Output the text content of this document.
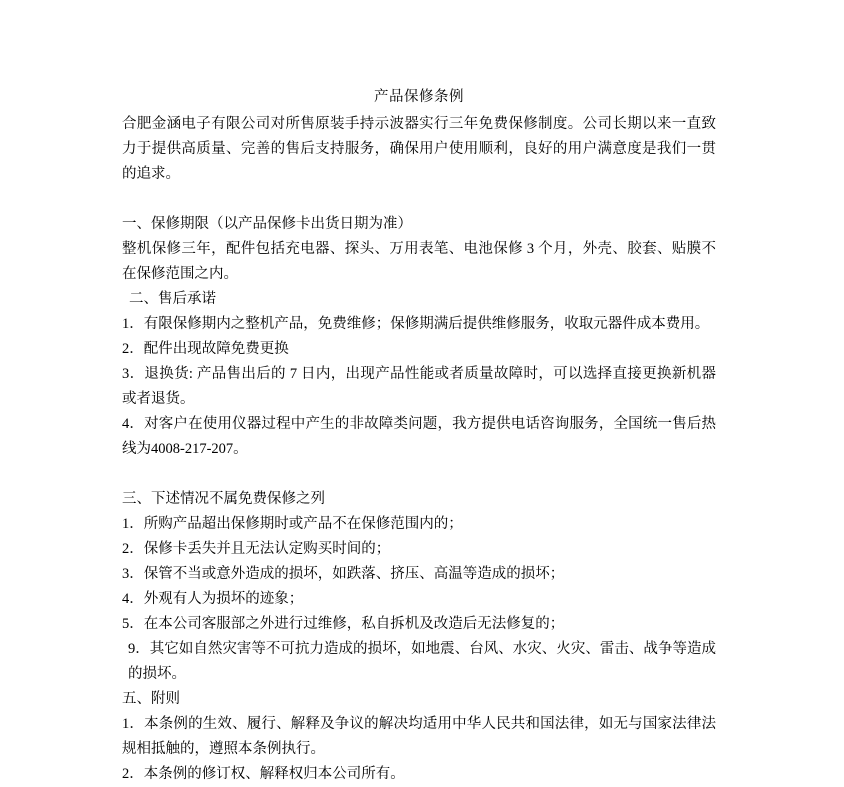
产品保修条例

合肥金涵电子有限公司对所售原装手持示波器实行三年免费保修制度。公司长期以来一直致力于提供高质量、完善的售后支持服务，确保用户使用顺利，良好的用户满意度是我们一贯的追求。

一、保修期限（以产品保修卡出货日期为准）

整机保修三年，配件包括充电器、探头、万用表笔、电池保修 3 个月，外壳、胶套、贴膜不在保修范围之内。

二、售后承诺

1．有限保修期内之整机产品，免费维修；保修期满后提供维修服务，收取元器件成本费用。

2．配件出现故障免费更换

3．退换货: 产品售出后的 7 日内，出现产品性能或者质量故障时，可以选择直接更换新机器或者退货。

4．对客户在使用仪器过程中产生的非故障类问题，我方提供电话咨询服务，全国统一售后热线为4008-217-207。

三、下述情况不属免费保修之列

1．所购产品超出保修期时或产品不在保修范围内的；

2．保修卡丢失并且无法认定购买时间的；

3．保管不当或意外造成的损坏，如跌落、挤压、高温等造成的损坏；

4．外观有人为损坏的迹象；

5．在本公司客服部之外进行过维修，私自拆机及改造后无法修复的；

9．其它如自然灾害等不可抗力造成的损坏，如地震、台风、水灾、火灾、雷击、战争等造成的损坏。

五、附则

1．本条例的生效、履行、解释及争议的解决均适用中华人民共和国法律，如无与国家法律法规相抵触的，遵照本条例执行。

2．本条例的修订权、解释权归本公司所有。
